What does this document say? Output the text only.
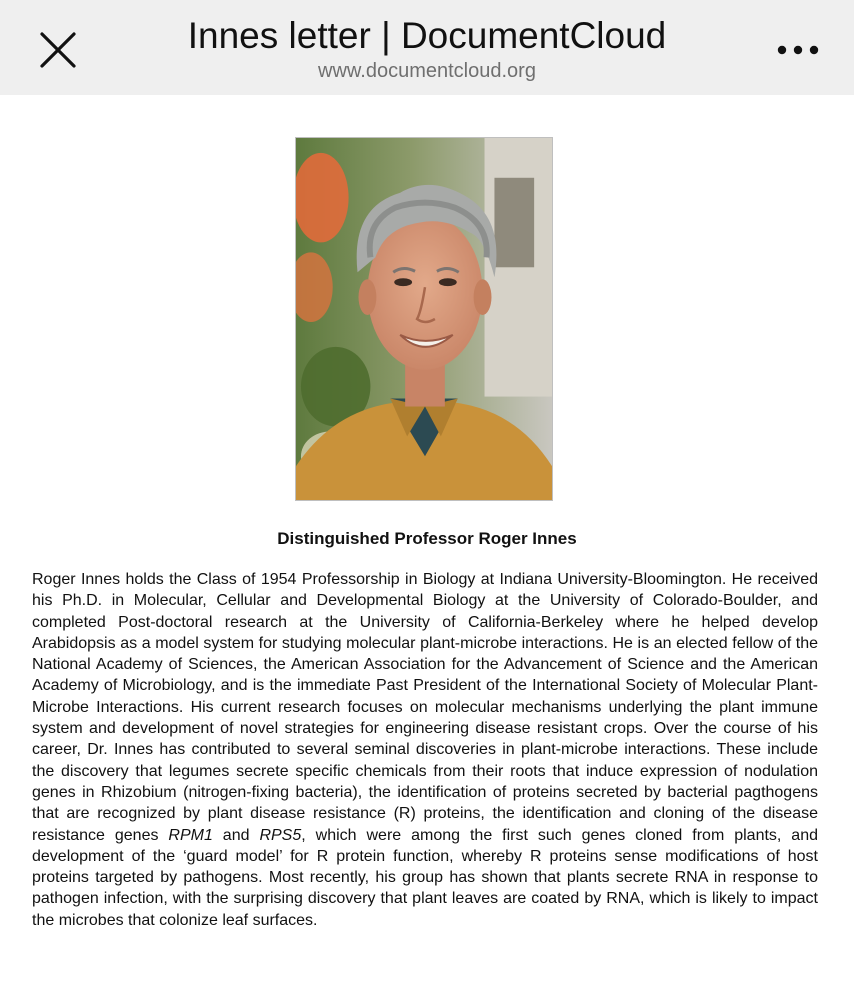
Innes letter | DocumentCloud
www.documentcloud.org
Distinguished Professor Roger Innes

Roger Innes holds the Class of 1954 Professorship in Biology at Indiana University-Bloomington. He received his Ph.D. in Molecular, Cellular and Developmental Biology at the University of Colorado-Boulder, and completed Post-doctoral research at the University of California-Berkeley where he helped develop Arabidopsis as a model system for studying molecular plant-microbe interactions. He is an elected fellow of the National Academy of Sciences, the American Association for the Advancement of Science and the American Academy of Microbiology, and is the immediate Past President of the International Society of Molecular Plant-Microbe Interactions. His current research focuses on molecular mechanisms underlying the plant immune system and development of novel strategies for engineering disease resistant crops. Over the course of his career, Dr. Innes has contributed to several seminal discoveries in plant-microbe interactions. These include the discovery that legumes secrete specific chemicals from their roots that induce expression of nodulation genes in Rhizobium (nitrogen-fixing bacteria), the identification of proteins secreted by bacterial pagthogens that are recognized by plant disease resistance (R) proteins, the identification and cloning of the disease resistance genes RPM1 and RPS5, which were among the first such genes cloned from plants, and development of the ‘guard model’ for R protein function, whereby R proteins sense modifications of host proteins targeted by pathogens. Most recently, his group has shown that plants secrete RNA in response to pathogen infection, with the surprising discovery that plant leaves are coated by RNA, which is likely to impact the microbes that colonize leaf surfaces.
